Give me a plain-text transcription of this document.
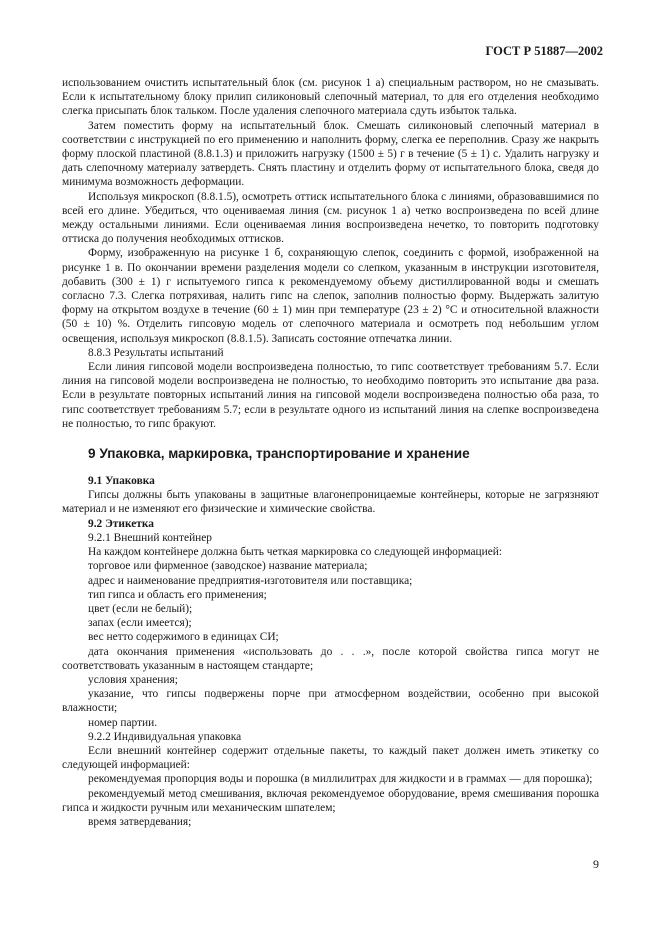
ГОСТ Р 51887—2002

использованием очистить испытательный блок (см. рисунок 1 а) специальным раствором, но не смазывать. Если к испытательному блоку прилип силиконовый слепочный материал, то для его отделения необходимо слегка присыпать блок тальком. После удаления слепочного материала сдуть избыток талька.

Затем поместить форму на испытательный блок. Смешать силиконовый слепочный материал в соответствии с инструкцией по его применению и наполнить форму, слегка ее переполнив. Сразу же накрыть форму плоской пластиной (8.8.1.3) и приложить нагрузку (1500 ± 5) г в течение (5 ± 1) с. Удалить нагрузку и дать слепочному материалу затвердеть. Снять пластину и отделить форму от испытательного блока, сведя до минимума возможность деформации.

Используя микроскоп (8.8.1.5), осмотреть оттиск испытательного блока с линиями, образовавшимися по всей его длине. Убедиться, что оцениваемая линия (см. рисунок 1 а) четко воспроизведена по всей длине между остальными линиями. Если оцениваемая линия воспроизведена нечетко, то повторить подготовку оттиска до получения необходимых оттисков.

Форму, изображенную на рисунке 1 б, сохраняющую слепок, соединить с формой, изображенной на рисунке 1 в. По окончании времени разделения модели со слепком, указанным в инструкции изготовителя, добавить (300 ± 1) г испытуемого гипса к рекомендуемому объему дистиллированной воды и смешать согласно 7.3. Слегка потряхивая, налить гипс на слепок, заполнив полностью форму. Выдержать залитую форму на открытом воздухе в течение (60 ± 1) мин при температуре (23 ± 2) °С и относительной влажности (50 ± 10) %. Отделить гипсовую модель от слепочного материала и осмотреть под небольшим углом освещения, используя микроскоп (8.8.1.5). Записать состояние отпечатка линии.

8.8.3 Результаты испытаний

Если линия гипсовой модели воспроизведена полностью, то гипс соответствует требованиям 5.7. Если линия на гипсовой модели воспроизведена не полностью, то необходимо повторить это испытание два раза. Если в результате повторных испытаний линия на гипсовой модели воспроизведена полностью оба раза, то гипс соответствует требованиям 5.7; если в результате одного из испытаний линия на слепке воспроизведена не полностью, то гипс бракуют.

9 Упаковка, маркировка, транспортирование и хранение

9.1 Упаковка

Гипсы должны быть упакованы в защитные влагонепроницаемые контейнеры, которые не загрязняют материал и не изменяют его физические и химические свойства.

9.2 Этикетка

9.2.1 Внешний контейнер

На каждом контейнере должна быть четкая маркировка со следующей информацией:

торговое или фирменное (заводское) название материала;

адрес и наименование предприятия-изготовителя или поставщика;

тип гипса и область его применения;

цвет (если не белый);

запах (если имеется);

вес нетто содержимого в единицах СИ;

дата окончания применения «использовать до . . .», после которой свойства гипса могут не соответствовать указанным в настоящем стандарте;

условия хранения;

указание, что гипсы подвержены порче при атмосферном воздействии, особенно при высокой влажности;

номер партии.

9.2.2 Индивидуальная упаковка

Если внешний контейнер содержит отдельные пакеты, то каждый пакет должен иметь этикетку со следующей информацией:

рекомендуемая пропорция воды и порошка (в миллилитрах для жидкости и в граммах — для порошка);

рекомендуемый метод смешивания, включая рекомендуемое оборудование, время смешивания порошка гипса и жидкости ручным или механическим шпателем;

время затвердевания;

9
